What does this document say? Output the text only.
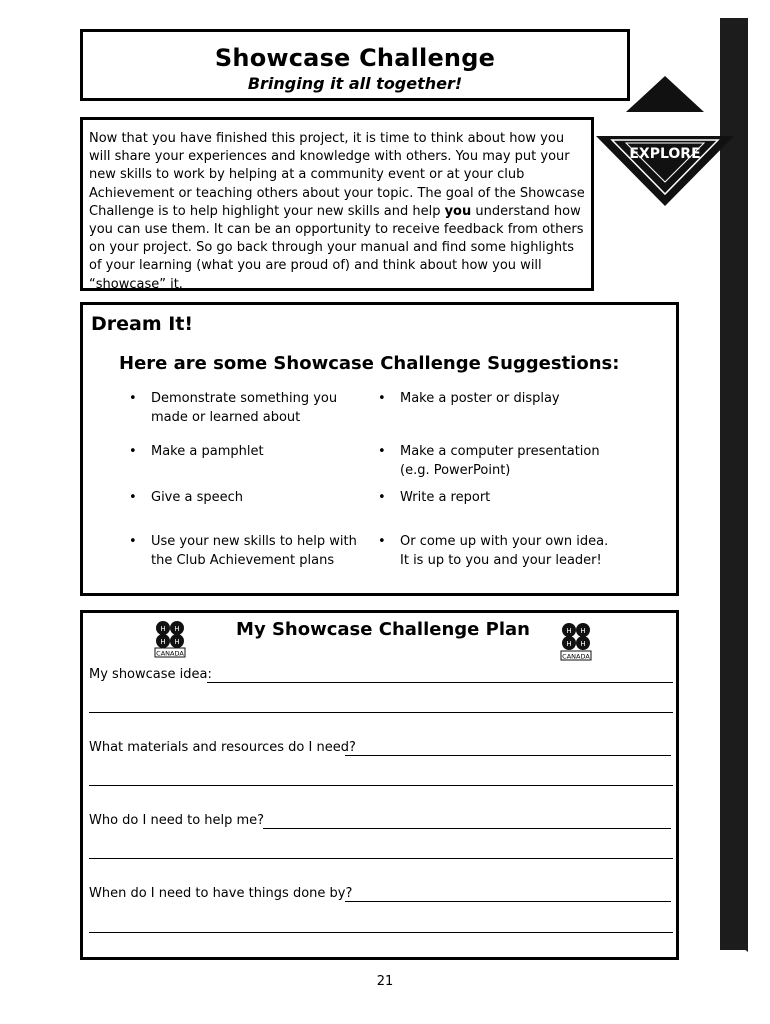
EXPLORE
Showcase Challenge
Bringing it all together!

Now that you have finished this project, it is time to think about how you will share your experiences and knowledge with others. You may put your new skills to work by helping at a community event or at your club Achievement or teaching others about your topic. The goal of the Showcase Challenge is to help highlight your new skills and help you understand how you can use them. It can be an opportunity to receive feedback from others on your project. So go back through your manual and find some highlights of your learning (what you are proud of) and think about how you will “showcase” it.

Dream It!
Here are some Showcase Challenge Suggestions:
• Demonstrate something you made or learned about
• Make a poster or display
• Make a pamphlet	• Make a computer presentation (e.g. PowerPoint)
• Give a speech	• Write a report
• Use your new skills to help with the Club Achievement plans
• Or come up with your own idea. It is up to you and your leader!
H H
H H
CANADA
H H
H H
CANADA
My Showcase Challenge Plan
My showcase idea:
What materials and resources do I need?
Who do I need to help me?
When do I need to have things done by?
21
